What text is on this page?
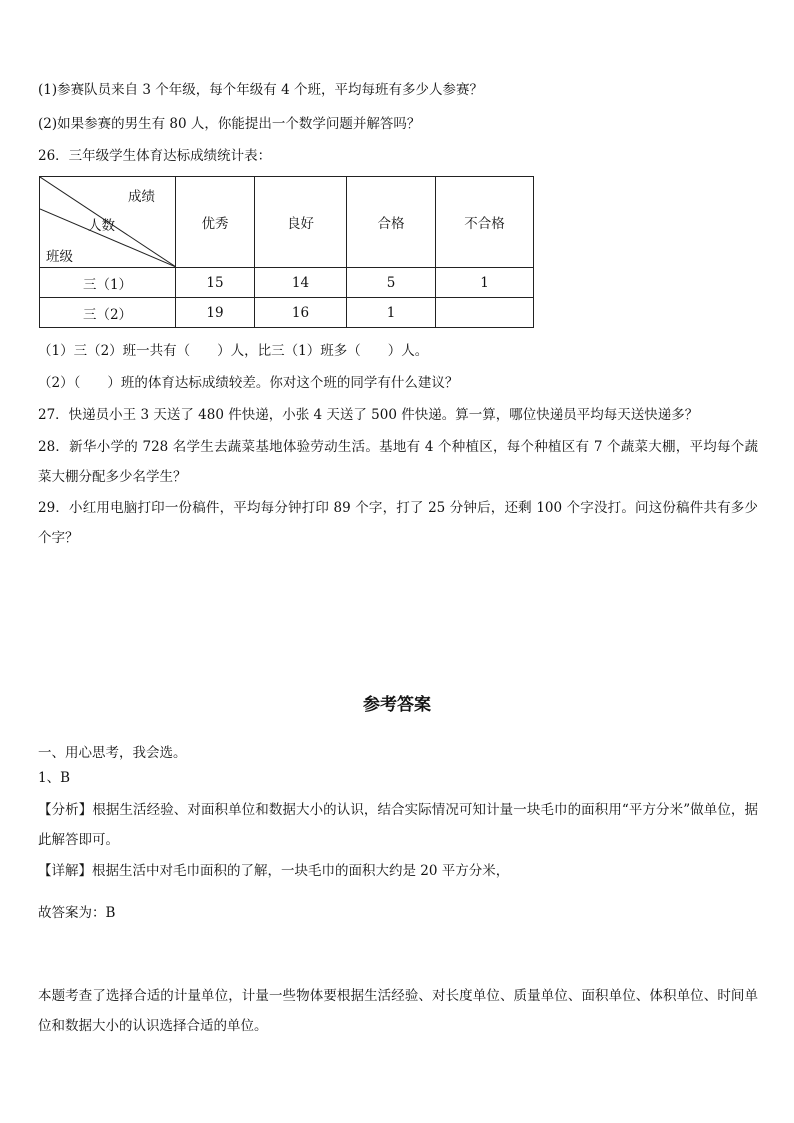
(1)参赛队员来自 3 个年级，每个年级有 4 个班，平均每班有多少人参赛？
(2)如果参赛的男生有 80 人，你能提出一个数学问题并解答吗？
26．三年级学生体育达标成绩统计表：
成绩
人数
班级	优秀	良好	合格	不合格
三（1）	15	14	5	1
三（2）	19	16	1	
（1）三（2）班一共有（　　）人，比三（1）班多（　　）人。
（2）（　　）班的体育达标成绩较差。你对这个班的同学有什么建议？
27．快递员小王 3 天送了 480 件快递，小张 4 天送了 500 件快递。算一算，哪位快递员平均每天送快递多？
28．新华小学的 728 名学生去蔬菜基地体验劳动生活。基地有 4 个种植区，每个种植区有 7 个蔬菜大棚，平均每个蔬菜大棚分配多少名学生？
29．小红用电脑打印一份稿件，平均每分钟打印 89 个字，打了 25 分钟后，还剩 100 个字没打。问这份稿件共有多少个字？
参考答案
一、用心思考，我会选。
1、B
【分析】根据生活经验、对面积单位和数据大小的认识，结合实际情况可知计量一块毛巾的面积用“平方分米”做单位，据此解答即可。
【详解】根据生活中对毛巾面积的了解，一块毛巾的面积大约是 20 平方分米，
故答案为：B
本题考查了选择合适的计量单位，计量一些物体要根据生活经验、对长度单位、质量单位、面积单位、体积单位、时间单位和数据大小的认识选择合适的单位。
